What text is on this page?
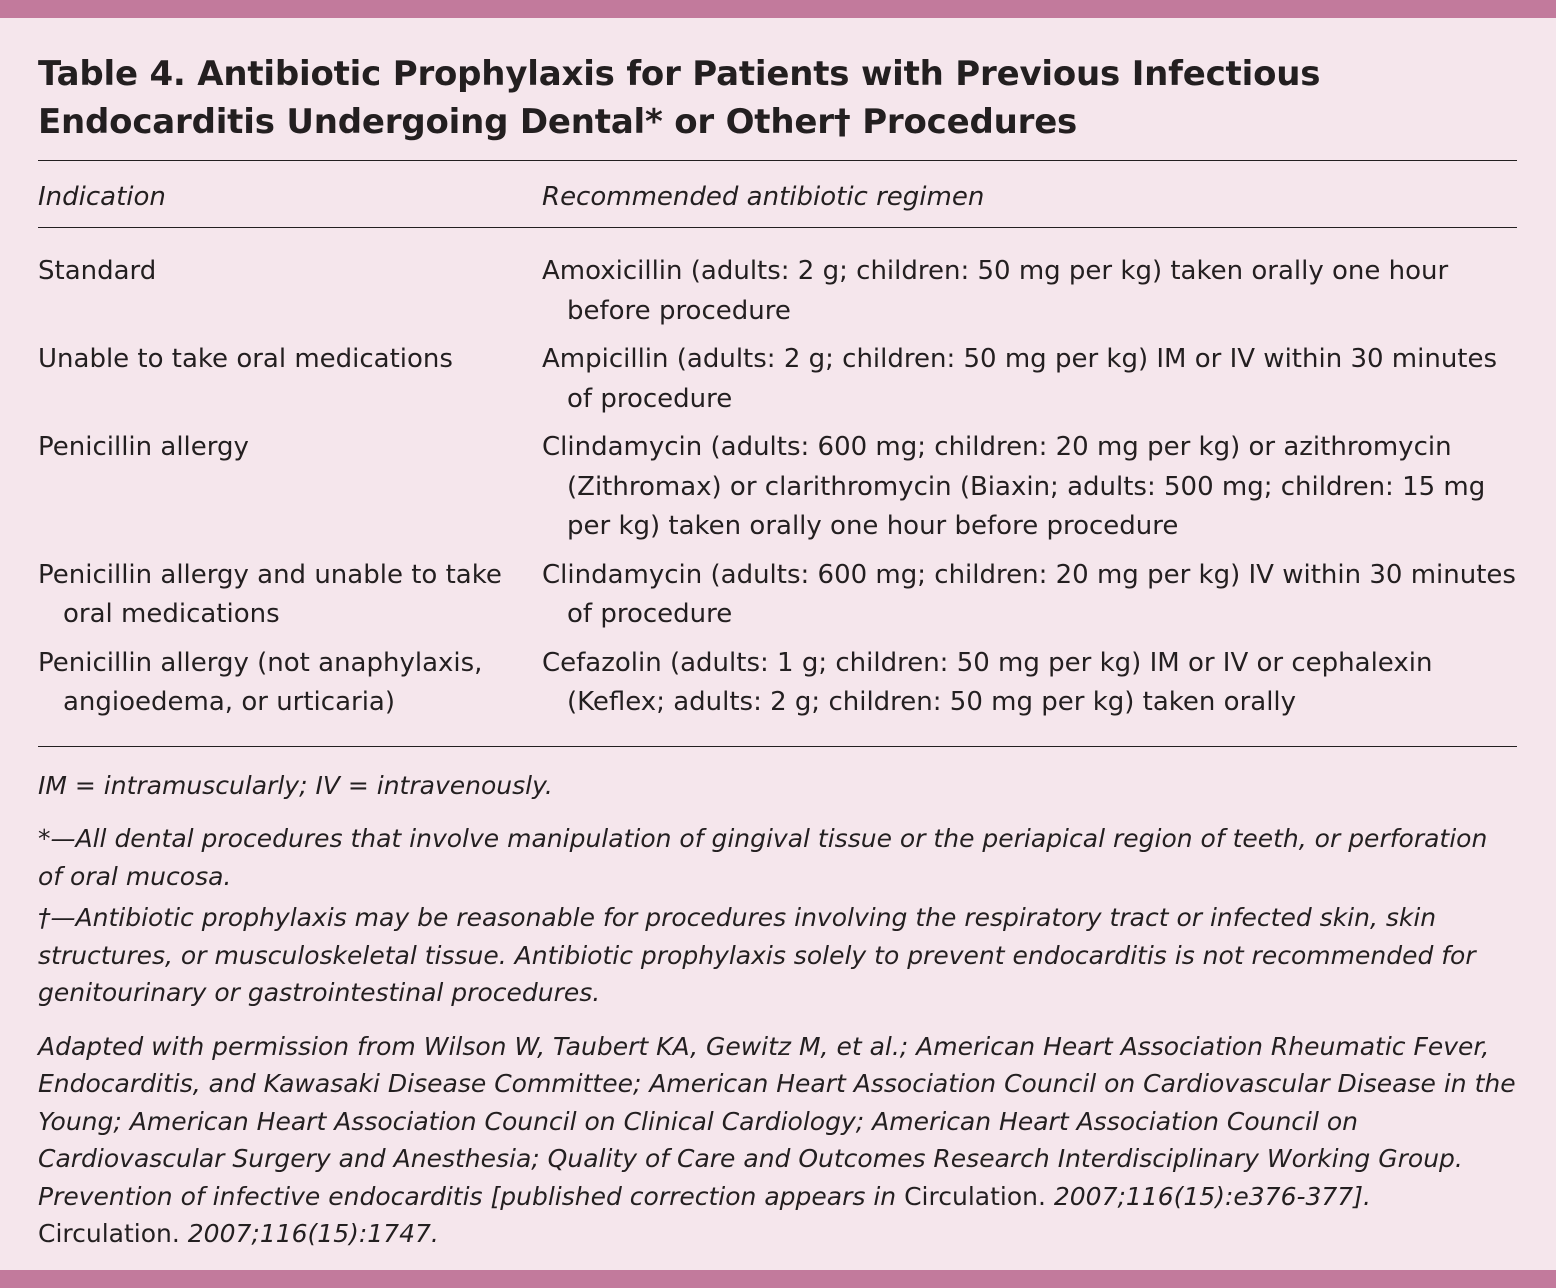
Table 4. Antibiotic Prophylaxis for Patients with Previous Infectious
Endocarditis Undergoing Dental* or Other† Procedures
Indication	Recommended antibiotic regimen

Standard	Amoxicillin (adults: 2 g; children: 50 mg per kg) taken orally one hour before procedure

Unable to take oral medications	Ampicillin (adults: 2 g; children: 50 mg per kg) IM or IV within 30 minutes of procedure

Penicillin allergy	Clindamycin (adults: 600 mg; children: 20 mg per kg) or azithromycin (Zithromax) or clarithromycin (Biaxin; adults: 500 mg; children: 15 mg per kg) taken orally one hour before procedure

Penicillin allergy and unable to take oral medications	Clindamycin (adults: 600 mg; children: 20 mg per kg) IV within 30 minutes of procedure

Penicillin allergy (not anaphylaxis, angioedema, or urticaria)	Cefazolin (adults: 1 g; children: 50 mg per kg) IM or IV or cephalexin (Keflex; adults: 2 g; children: 50 mg per kg) taken orally

IM = intramuscularly; IV = intravenously.

*—All dental procedures that involve manipulation of gingival tissue or the periapical region of teeth, or perforation of oral mucosa.

†—Antibiotic prophylaxis may be reasonable for procedures involving the respiratory tract or infected skin, skin structures, or musculoskeletal tissue. Antibiotic prophylaxis solely to prevent endocarditis is not recommended for genitourinary or gastrointestinal procedures.

Adapted with permission from Wilson W, Taubert KA, Gewitz M, et al.; American Heart Association Rheumatic Fever, Endocarditis, and Kawasaki Disease Committee; American Heart Association Council on Cardiovascular Disease in the Young; American Heart Association Council on Clinical Cardiology; American Heart Association Council on Cardiovascular Surgery and Anesthesia; Quality of Care and Outcomes Research Interdisciplinary Working Group. Prevention of infective endocarditis [published correction appears in Circulation. 2007;116(15):e376-377]. Circulation. 2007;116(15):1747.
